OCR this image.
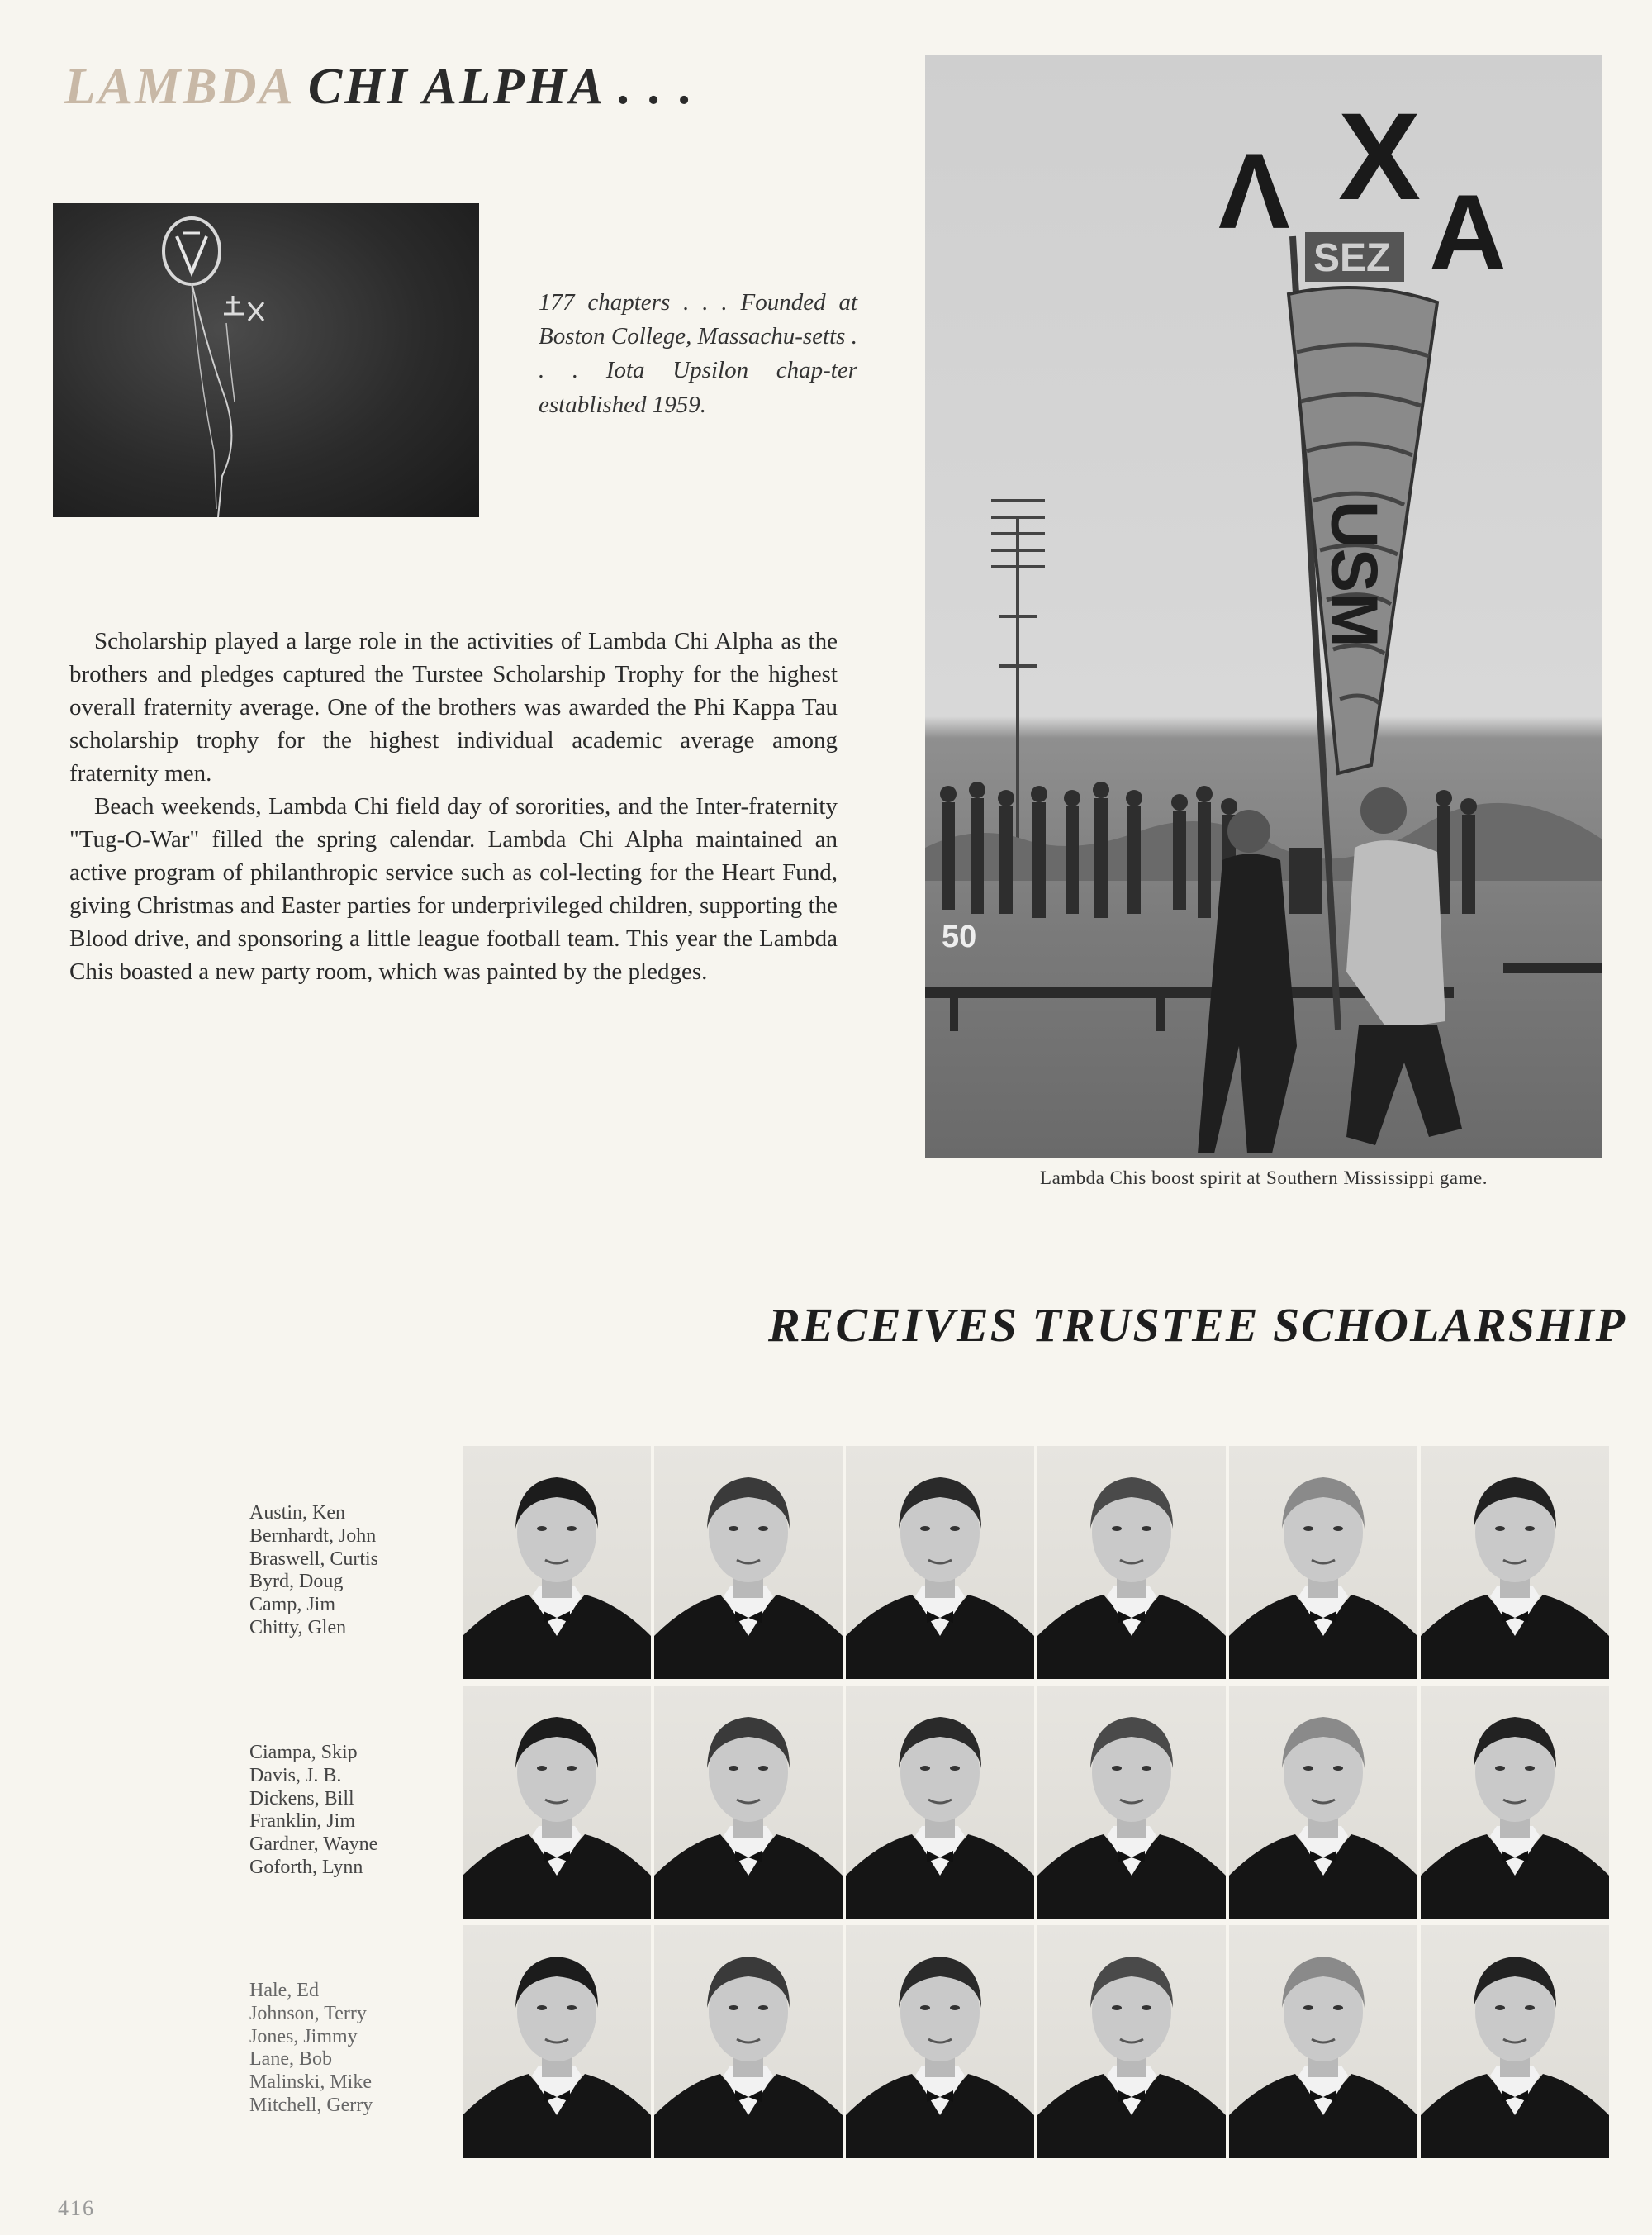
LAMBDA CHI ALPHA . . .
177 chapters . . . Founded at Boston College, Massachu-setts . . . Iota Upsilon chap-ter established 1959.

Scholarship played a large role in the activities of Lambda Chi Alpha as the brothers and pledges captured the Turstee Scholarship Trophy for the highest overall fraternity average. One of the brothers was awarded the Phi Kappa Tau scholarship trophy for the highest individual academic average among fraternity men.

Beach weekends, Lambda Chi field day of sororities, and the Inter-fraternity "Tug-O-War" filled the spring calendar. Lambda Chi Alpha maintained an active program of philanthropic service such as col-lecting for the Heart Fund, giving Christmas and Easter parties for underprivileged children, supporting the Blood drive, and sponsoring a little league football team. This year the Lambda Chis boasted a new party room, which was painted by the pledges.

50
Λ X
A
SEZ
USM
Lambda Chis boost spirit at Southern Mississippi game.
RECEIVES TRUSTEE SCHOLARSHIP
Austin, Ken
Bernhardt, John
Braswell, Curtis
Byrd, Doug
Camp, Jim
Chitty, Glen
Ciampa, Skip
Davis, J. B.
Dickens, Bill
Franklin, Jim
Gardner, Wayne
Goforth, Lynn
Hale, Ed
Johnson, Terry
Jones, Jimmy
Lane, Bob
Malinski, Mike
Mitchell, Gerry
416
